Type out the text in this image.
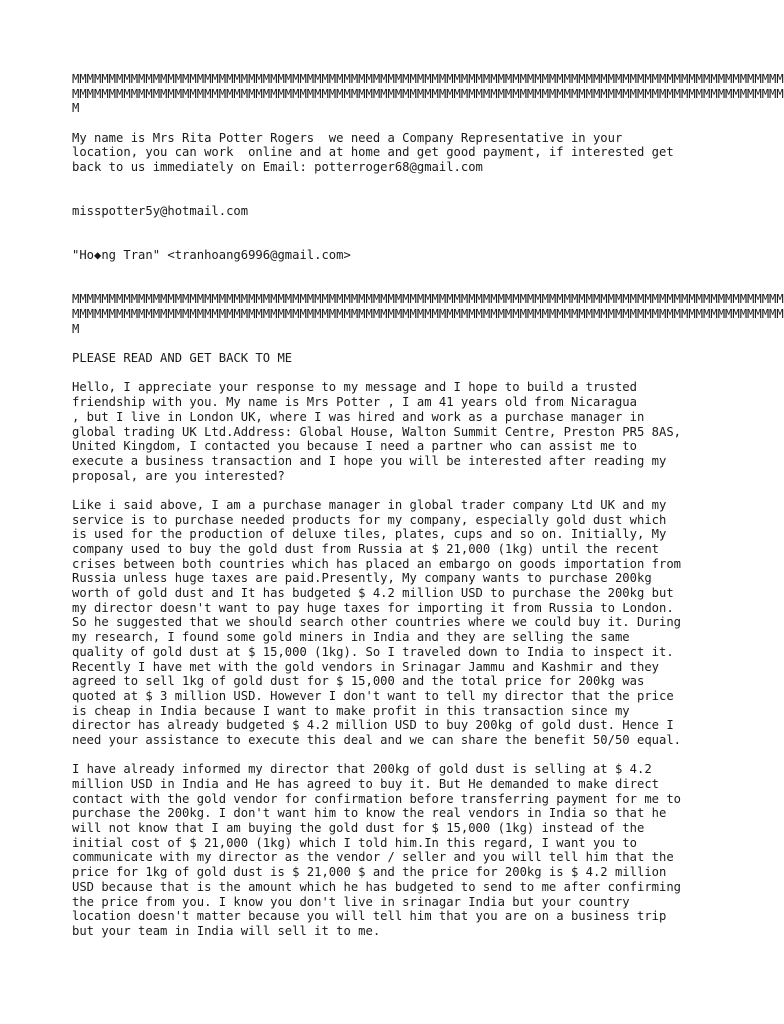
MMMMMMMMMMMMMMMMMMMMMMMMMMMMMMMMMMMMMMMMMMMMMMMMMMMMMMMMMMMMMMMMMMMMMMMMMMMMMMMMMMMMMMMMMMMMMMMMM
MMMMMMMMMMMMMMMMMMMMMMMMMMMMMMMMMMMMMMMMMMMMMMMMMMMMMMMMMMMMMMMMMMMMMMMMMMMMMMMMMMMMMMMMMMMMMMMMM
M
My name is Mrs Rita Potter Rogers  we need a Company Representative in your
location, you can work  online and at home and get good payment, if interested get
back to us immediately on Email: potterroger68@gmail.com
misspotter5y@hotmail.com
"Ho◆ng Tran" <tranhoang6996@gmail.com>
MMMMMMMMMMMMMMMMMMMMMMMMMMMMMMMMMMMMMMMMMMMMMMMMMMMMMMMMMMMMMMMMMMMMMMMMMMMMMMMMMMMMMMMMMMMMMMMMM
MMMMMMMMMMMMMMMMMMMMMMMMMMMMMMMMMMMMMMMMMMMMMMMMMMMMMMMMMMMMMMMMMMMMMMMMMMMMMMMMMMMMMMMMMMMMMMMMM
M
PLEASE READ AND GET BACK TO ME
Hello, I appreciate your response to my message and I hope to build a trusted
friendship with you. My name is Mrs Potter , I am 41 years old from Nicaragua
, but I live in London UK, where I was hired and work as a purchase manager in
global trading UK Ltd.Address: Global House, Walton Summit Centre, Preston PR5 8AS,
United Kingdom, I contacted you because I need a partner who can assist me to
execute a business transaction and I hope you will be interested after reading my
proposal, are you interested?
Like i said above, I am a purchase manager in global trader company Ltd UK and my
service is to purchase needed products for my company, especially gold dust which
is used for the production of deluxe tiles, plates, cups and so on. Initially, My
company used to buy the gold dust from Russia at $ 21,000 (1kg) until the recent
crises between both countries which has placed an embargo on goods importation from
Russia unless huge taxes are paid.Presently, My company wants to purchase 200kg
worth of gold dust and It has budgeted $ 4.2 million USD to purchase the 200kg but
my director doesn't want to pay huge taxes for importing it from Russia to London.
So he suggested that we should search other countries where we could buy it. During
my research, I found some gold miners in India and they are selling the same
quality of gold dust at $ 15,000 (1kg). So I traveled down to India to inspect it.
Recently I have met with the gold vendors in Srinagar Jammu and Kashmir and they
agreed to sell 1kg of gold dust for $ 15,000 and the total price for 200kg was
quoted at $ 3 million USD. However I don't want to tell my director that the price
is cheap in India because I want to make profit in this transaction since my
director has already budgeted $ 4.2 million USD to buy 200kg of gold dust. Hence I
need your assistance to execute this deal and we can share the benefit 50/50 equal.
I have already informed my director that 200kg of gold dust is selling at $ 4.2
million USD in India and He has agreed to buy it. But He demanded to make direct
contact with the gold vendor for confirmation before transferring payment for me to
purchase the 200kg. I don't want him to know the real vendors in India so that he
will not know that I am buying the gold dust for $ 15,000 (1kg) instead of the
initial cost of $ 21,000 (1kg) which I told him.In this regard, I want you to
communicate with my director as the vendor / seller and you will tell him that the
price for 1kg of gold dust is $ 21,000 $ and the price for 200kg is $ 4.2 million
USD because that is the amount which he has budgeted to send to me after confirming
the price from you. I know you don't live in srinagar India but your country
location doesn't matter because you will tell him that you are on a business trip
but your team in India will sell it to me.
